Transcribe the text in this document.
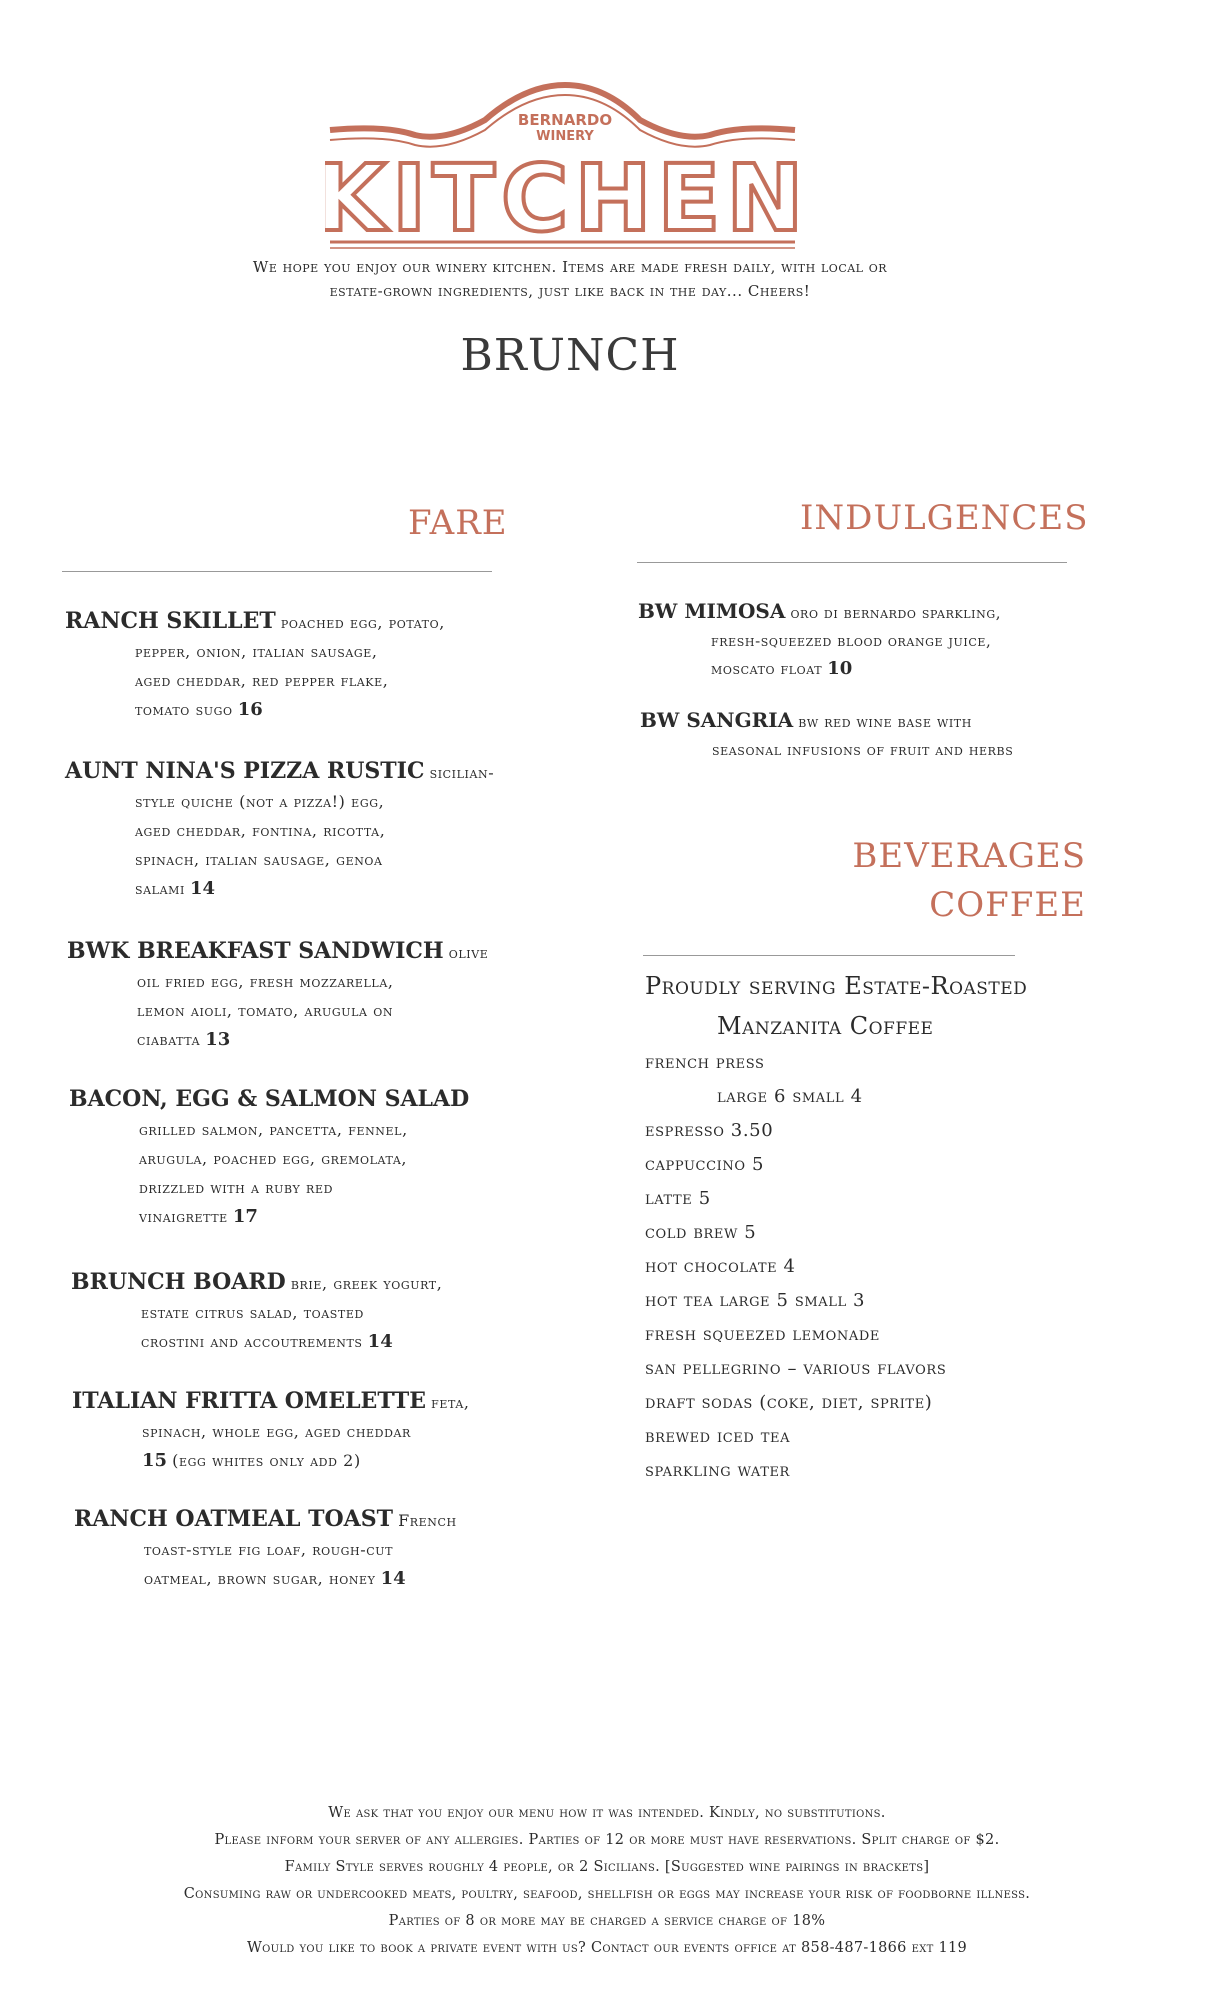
BERNARDO
WINERY
KITCHEN
We hope you enjoy our winery kitchen. Items are made fresh daily, with local or estate-grown ingredients, just like back in the day... Cheers!
BRUNCH
FARE
RANCH SKILLET poached egg, potato,
pepper, onion, italian sausage,
aged cheddar, red pepper flake,
tomato sugo 16
AUNT NINA'S PIZZA RUSTIC sicilian-
style quiche (not a pizza!) egg,
aged cheddar, fontina, ricotta,
spinach, italian sausage, genoa
salami 14
BWK BREAKFAST SANDWICH olive
oil fried egg, fresh mozzarella,
lemon aioli, tomato, arugula on
ciabatta 13
BACON, EGG & SALMON SALAD
grilled salmon, pancetta, fennel,
arugula, poached egg, gremolata,
drizzled with a ruby red
vinaigrette 17
BRUNCH BOARD brie, greek yogurt,
estate citrus salad, toasted
crostini and accoutrements 14
ITALIAN FRITTA OMELETTE feta,
spinach, whole egg, aged cheddar
15 (egg whites only add 2)
RANCH OATMEAL TOAST French
toast-style fig loaf, rough-cut
oatmeal, brown sugar, honey 14
INDULGENCES
BW MIMOSA oro di bernardo sparkling,
fresh-squeezed blood orange juice,
moscato float 10
BW SANGRIA bw red wine base with
seasonal infusions of fruit and herbs
BEVERAGES
COFFEE
Proudly serving Estate-Roasted
Manzanita Coffee
french press
large 6 small 4
espresso 3.50
cappuccino 5
latte 5
cold brew 5
hot chocolate 4
hot tea large 5 small 3
fresh squeezed lemonade
san pellegrino – various flavors
draft sodas (coke, diet, sprite)
brewed iced tea
sparkling water
We ask that you enjoy our menu how it was intended. Kindly, no substitutions.
Please inform your server of any allergies. Parties of 12 or more must have reservations. Split charge of $2.
Family Style serves roughly 4 people, or 2 Sicilians. [Suggested wine pairings in brackets]
Consuming raw or undercooked meats, poultry, seafood, shellfish or eggs may increase your risk of foodborne illness.
Parties of 8 or more may be charged a service charge of 18%
Would you like to book a private event with us? Contact our events office at 858-487-1866 ext 119
